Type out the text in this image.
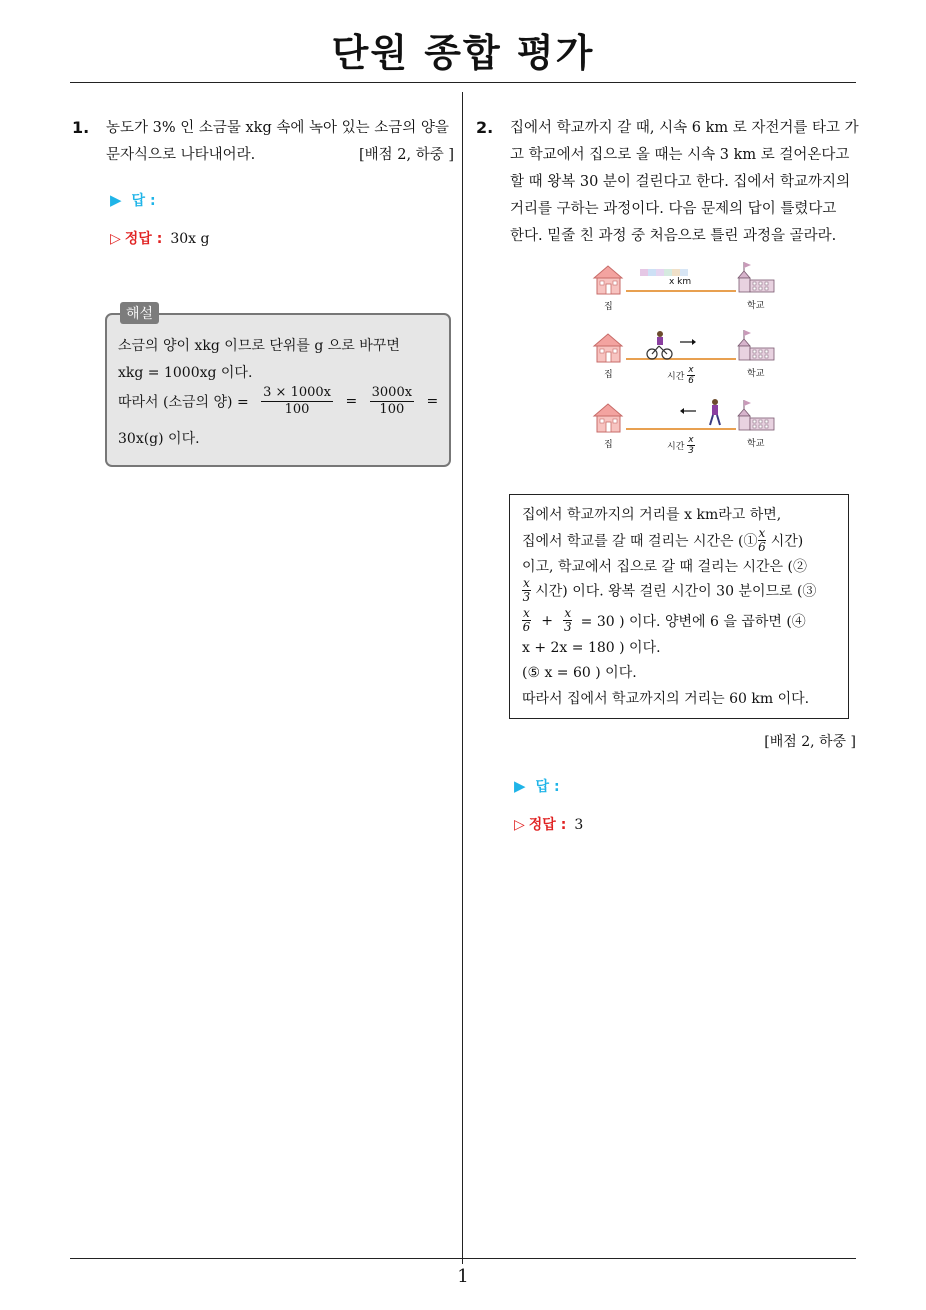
단원 종합 평가
1. 농도가 3% 인 소금물 xkg 속에 녹아 있는 소금의 양을
문자식으로 나타내어라.	[배점 2, 하중 ]
▶ 답 :
▷ 정답 : 30x g
해설
소금의 양이 xkg 이므로 단위를 g 으로 바꾸면
xkg = 1000xg 이다.
따라서 (소금의 양) = $\frac{3 \times 1000x}{100} = \frac{3000x}{100}$ =
30x(g) 이다.
2. 집에서 학교까지 갈 때, 시속 6 km 로 자전거를 타고 가
고 학교에서 집으로 올 때는 시속 3 km 로 걸어온다고
할 때 왕복 30 분이 걸린다고 한다. 집에서 학교까지의
거리를 구하는 과정이다. 다음 문제의 답이 틀렸다고
한다. 밑줄 친 과정 중 처음으로 틀린 과정을 골라라.
x km
집	학교
집	학교
시간 $\frac{x}{6}$
집	학교
시간 $\frac{x}{3}$
집에서 학교까지의 거리를 x km라고 하면,
집에서 학교를 갈 때 걸리는 시간은 (① $\frac{x}{6}$ 시간)
이고, 학교에서 집으로 갈 때 걸리는 시간은 (②
$\frac{x}{3}$ 시간) 이다. 왕복 걸린 시간이 30 분이므로 (③
$\frac{x}{6} + \frac{x}{3} = 30$ ) 이다. 양변에 6 을 곱하면 (④
x + 2x = 180 ) 이다.
(⑤ x = 60 ) 이다.
따라서 집에서 학교까지의 거리는 60 km 이다.
[배점 2, 하중 ]
▶ 답 :
▷ 정답 : 3
1
